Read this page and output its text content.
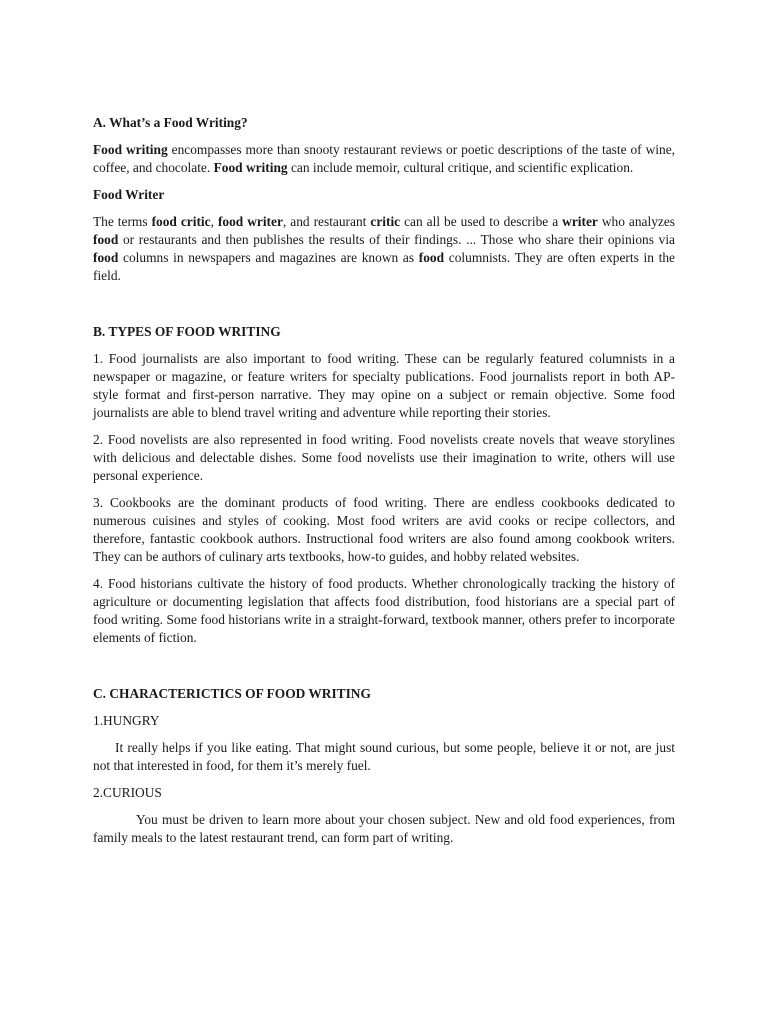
A. What’s a Food Writing?

Food writing encompasses more than snooty restaurant reviews or poetic descriptions of the taste of wine, coffee, and chocolate. Food writing can include memoir, cultural critique, and scientific explication.

Food Writer

The terms food critic, food writer, and restaurant critic can all be used to describe a writer who analyzes food or restaurants and then publishes the results of their findings. ... Those who share their opinions via food columns in newspapers and magazines are known as food columnists. They are often experts in the field.

B. TYPES OF FOOD WRITING

1. Food journalists are also important to food writing. These can be regularly featured columnists in a newspaper or magazine, or feature writers for specialty publications. Food journalists report in both AP-style format and first-person narrative. They may opine on a subject or remain objective. Some food journalists are able to blend travel writing and adventure while reporting their stories.

2. Food novelists are also represented in food writing. Food novelists create novels that weave storylines with delicious and delectable dishes. Some food novelists use their imagination to write, others will use personal experience.

3. Cookbooks are the dominant products of food writing. There are endless cookbooks dedicated to numerous cuisines and styles of cooking. Most food writers are avid cooks or recipe collectors, and therefore, fantastic cookbook authors. Instructional food writers are also found among cookbook writers. They can be authors of culinary arts textbooks, how-to guides, and hobby related websites.

4. Food historians cultivate the history of food products. Whether chronologically tracking the history of agriculture or documenting legislation that affects food distribution, food historians are a special part of food writing. Some food historians write in a straight-forward, textbook manner, others prefer to incorporate elements of fiction.

C. CHARACTERICTICS OF FOOD WRITING
1.HUNGRY

It really helps if you like eating. That might sound curious, but some people, believe it or not, are just not that interested in food, for them it’s merely fuel.

2.CURIOUS

You must be driven to learn more about your chosen subject. New and old food experiences, from family meals to the latest restaurant trend, can form part of writing.
